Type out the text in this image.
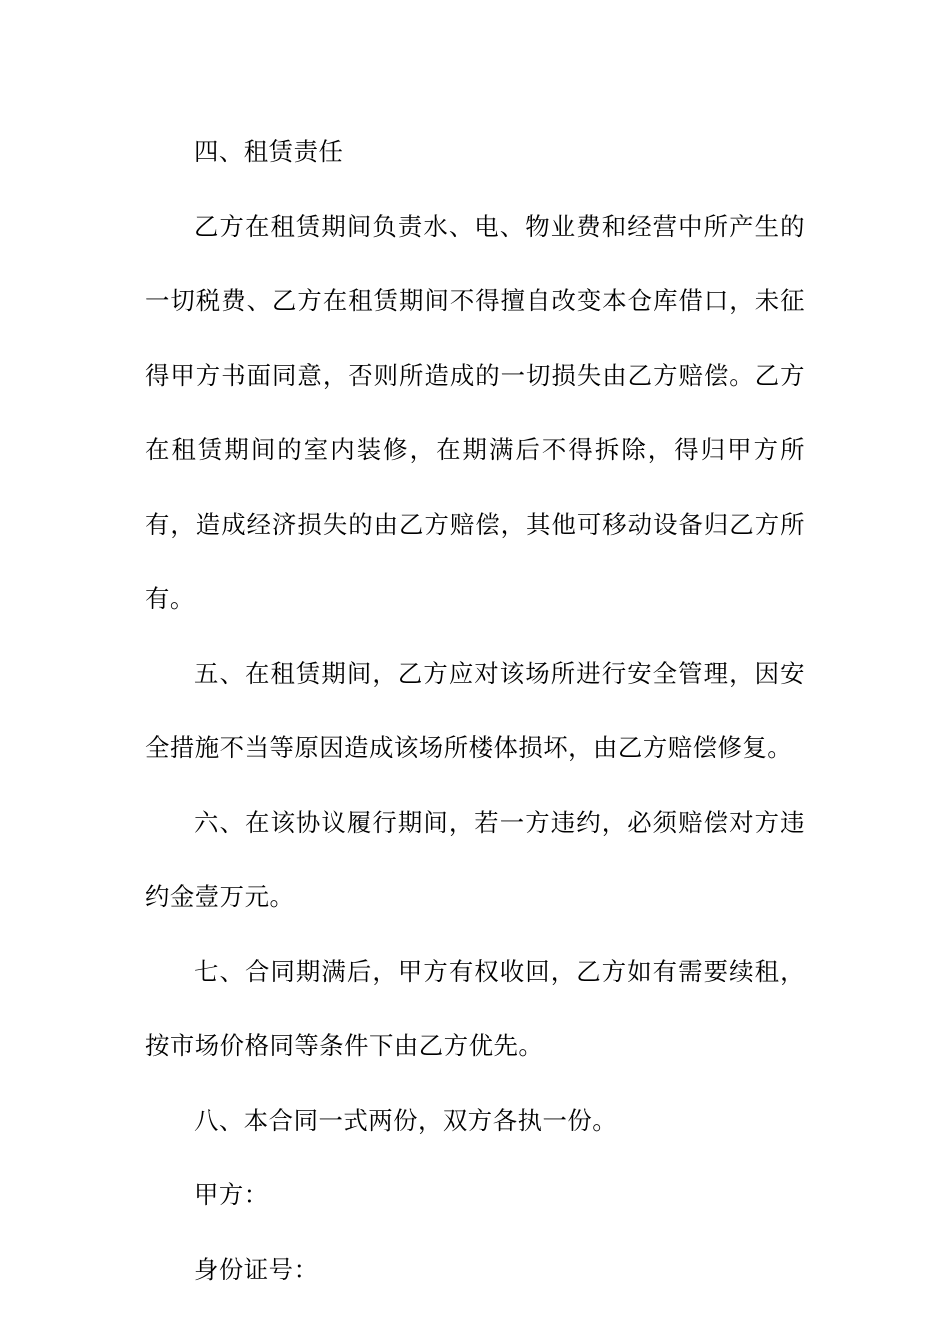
四、租赁责任

乙方在租赁期间负责水、电、物业费和经营中所产生的一切税费、乙方在租赁期间不得擅自改变本仓库借口，未征得甲方书面同意，否则所造成的一切损失由乙方赔偿。乙方在租赁期间的室内装修，在期满后不得拆除，得归甲方所有，造成经济损失的由乙方赔偿，其他可移动设备归乙方所有。

五、在租赁期间，乙方应对该场所进行安全管理，因安全措施不当等原因造成该场所楼体损坏，由乙方赔偿修复。

六、在该协议履行期间，若一方违约，必须赔偿对方违约金壹万元。

七、合同期满后，甲方有权收回，乙方如有需要续租，按市场价格同等条件下由乙方优先。

八、本合同一式两份，双方各执一份。

甲方：

身份证号：
